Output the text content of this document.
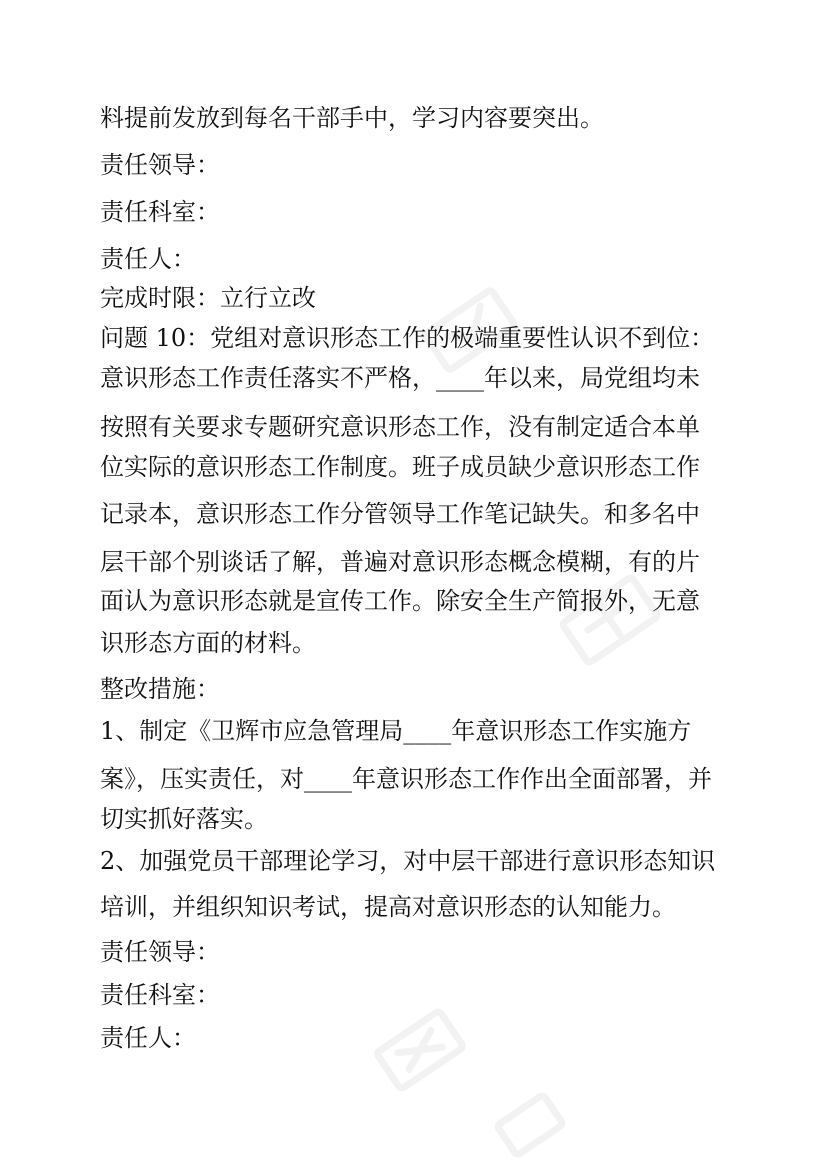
料提前发放到每名干部手中，学习内容要突出。
责任领导：
责任科室：
责任人：
完成时限：立行立改
问题 10：党组对意识形态工作的极端重要性认识不到位：
意识形态工作责任落实不严格，____年以来，局党组均未
按照有关要求专题研究意识形态工作，没有制定适合本单
位实际的意识形态工作制度。班子成员缺少意识形态工作
记录本，意识形态工作分管领导工作笔记缺失。和多名中
层干部个别谈话了解，普遍对意识形态概念模糊，有的片
面认为意识形态就是宣传工作。除安全生产简报外，无意
识形态方面的材料。
整改措施：
1、制定《卫辉市应急管理局____年意识形态工作实施方
案》，压实责任，对____年意识形态工作作出全面部署，并
切实抓好落实。
2、加强党员干部理论学习，对中层干部进行意识形态知识
培训，并组织知识考试，提高对意识形态的认知能力。
责任领导：
责任科室：
责任人：
